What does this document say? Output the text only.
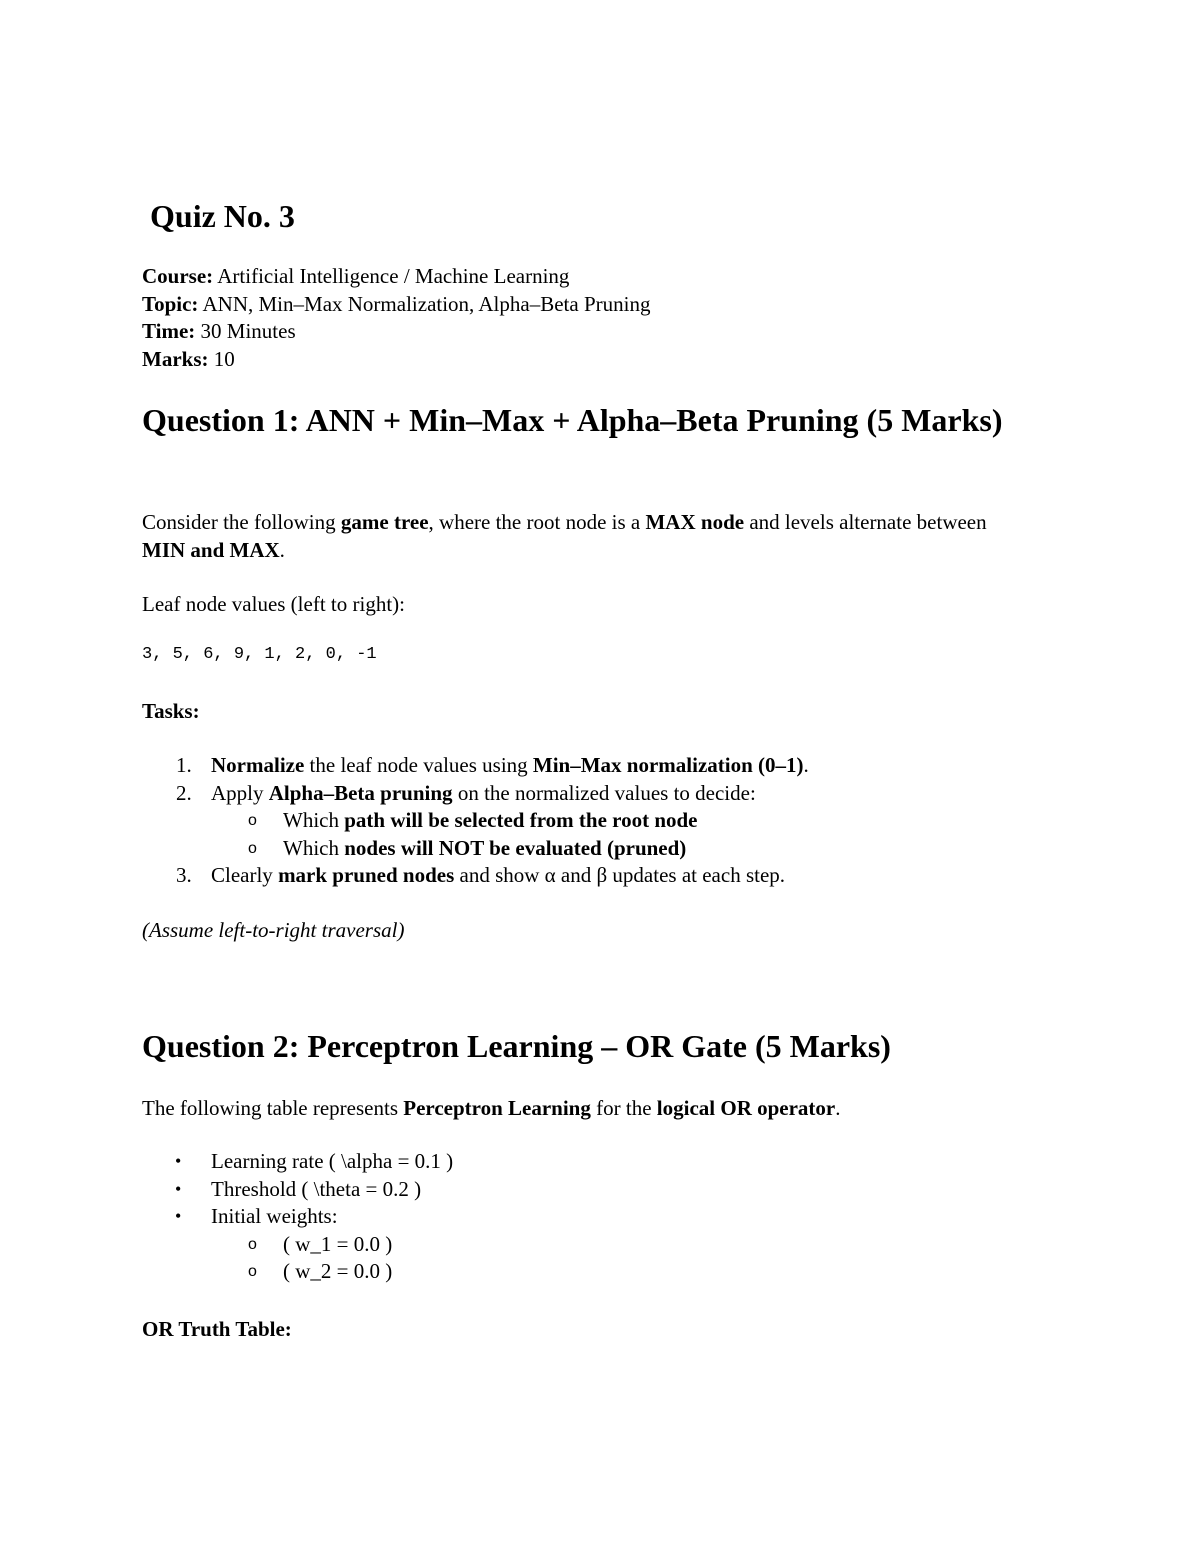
Quiz No. 3
Course: Artificial Intelligence / Machine Learning
Topic: ANN, Min–Max Normalization, Alpha–Beta Pruning
Time: 30 Minutes
Marks: 10
Question 1: ANN + Min–Max + Alpha–Beta Pruning (5 Marks)

Consider the following game tree, where the root node is a MAX node and levels alternate between MIN and MAX.

Leaf node values (left to right):

3, 5, 6, 9, 1, 2, 0, -1

Tasks:

1. Normalize the leaf node values using Min–Max normalization (0–1).
2. Apply Alpha–Beta pruning on the normalized values to decide:
o Which path will be selected from the root node
o Which nodes will NOT be evaluated (pruned)
3. Clearly mark pruned nodes and show α and β updates at each step.

(Assume left-to-right traversal)

Question 2: Perceptron Learning – OR Gate (5 Marks)

The following table represents Perceptron Learning for the logical OR operator.

• Learning rate ( \alpha = 0.1 )
• Threshold ( \theta = 0.2 )
• Initial weights:
o ( w_1 = 0.0 )
o ( w_2 = 0.0 )

OR Truth Table:
